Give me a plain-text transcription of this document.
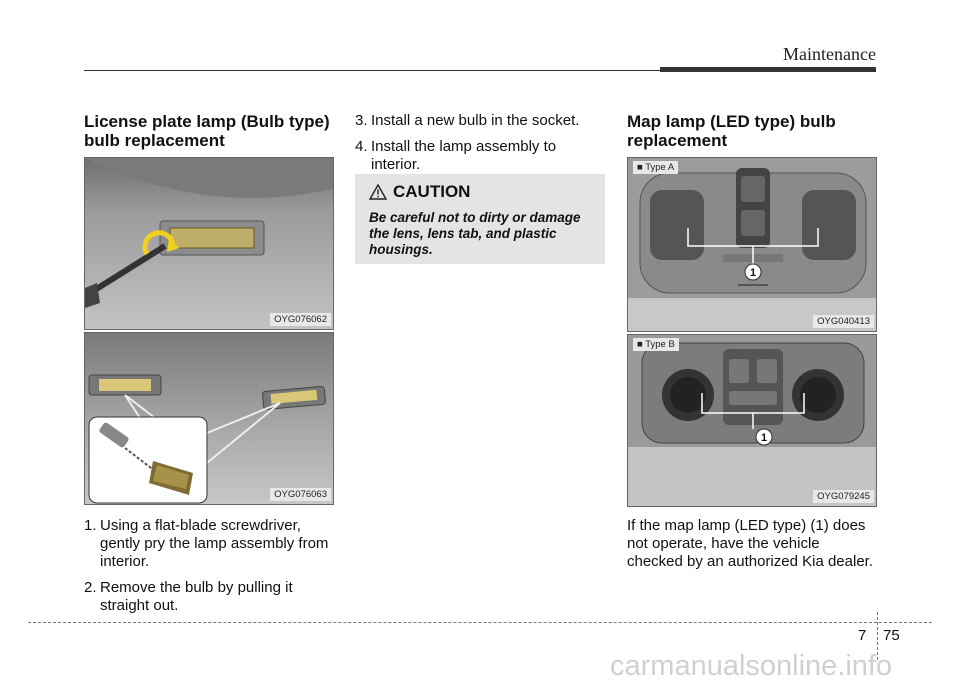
Maintenance
License plate lamp (Bulb type)
bulb replacement
OYG076062
OYG076063
1. Using a flat-blade screwdriver, gently pry the lamp assembly from interior.
2. Remove the bulb by pulling it straight out.
3. Install a new bulb in the socket.
4. Install the lamp assembly to interior.
CAUTION
Be careful not to dirty or damage the lens, lens tab, and plastic housings.
Map lamp (LED type) bulb
replacement
1
■ Type A
OYG040413
1
■ Type B
OYG079245
If the map lamp (LED type) (1) does not operate, have the vehicle checked by an authorized Kia dealer.
7 75
carmanualsonline.info
